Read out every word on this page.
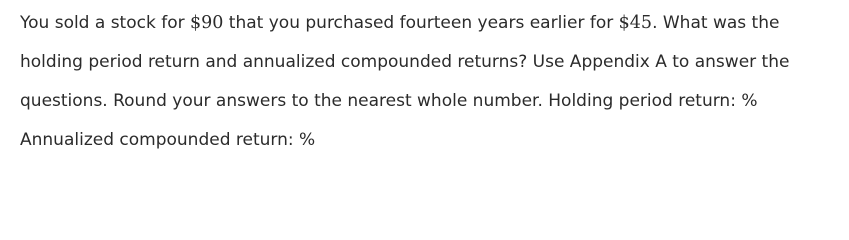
You sold a stock for $90 that you purchased fourteen years earlier for $45. What was the
holding period return and annualized compounded returns? Use Appendix A to answer the
questions. Round your answers to the nearest whole number. Holding period return: %
Annualized compounded return: %
